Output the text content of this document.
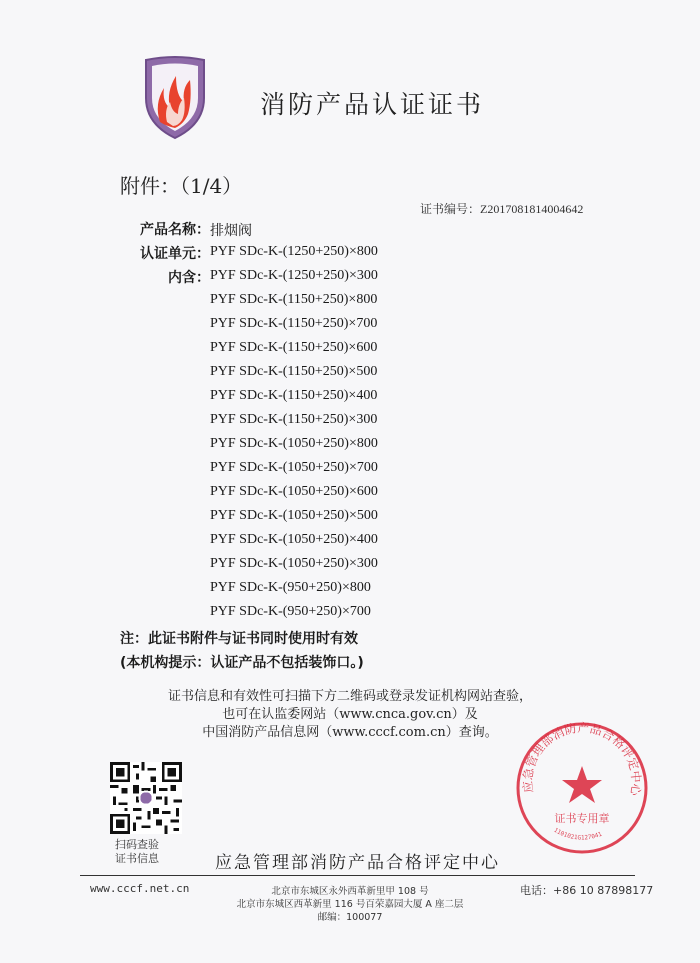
消防产品认证证书
附件：（1/4）
证书编号：Z2017081814004642
产品名称： 排烟阀
认证单元： PYF SDc-K-(1250+250)×800
内含： PYF SDc-K-(1250+250)×300
PYF SDc-K-(1150+250)×800
PYF SDc-K-(1150+250)×700
PYF SDc-K-(1150+250)×600
PYF SDc-K-(1150+250)×500
PYF SDc-K-(1150+250)×400
PYF SDc-K-(1150+250)×300
PYF SDc-K-(1050+250)×800
PYF SDc-K-(1050+250)×700
PYF SDc-K-(1050+250)×600
PYF SDc-K-(1050+250)×500
PYF SDc-K-(1050+250)×400
PYF SDc-K-(1050+250)×300
PYF SDc-K-(950+250)×800
PYF SDc-K-(950+250)×700
注：此证书附件与证书同时使用时有效
(本机构提示：认证产品不包括装饰口。)
证书信息和有效性可扫描下方二维码或登录发证机构网站查验，
也可在认监委网站（www.cnca.gov.cn）及
中国消防产品信息网（www.cccf.com.cn）查询。
扫码查验
证书信息	应急管理部消防产品合格评定中心
应急管理部消防产品合格评定中心
证书专用章
1101021G127041
www.cccf.net.cn	北京市东城区永外西革新里甲 108 号
北京市东城区西革新里 116 号百荣嘉园大厦 A 座二层
邮编：100077
电话：+86 10 87898177
